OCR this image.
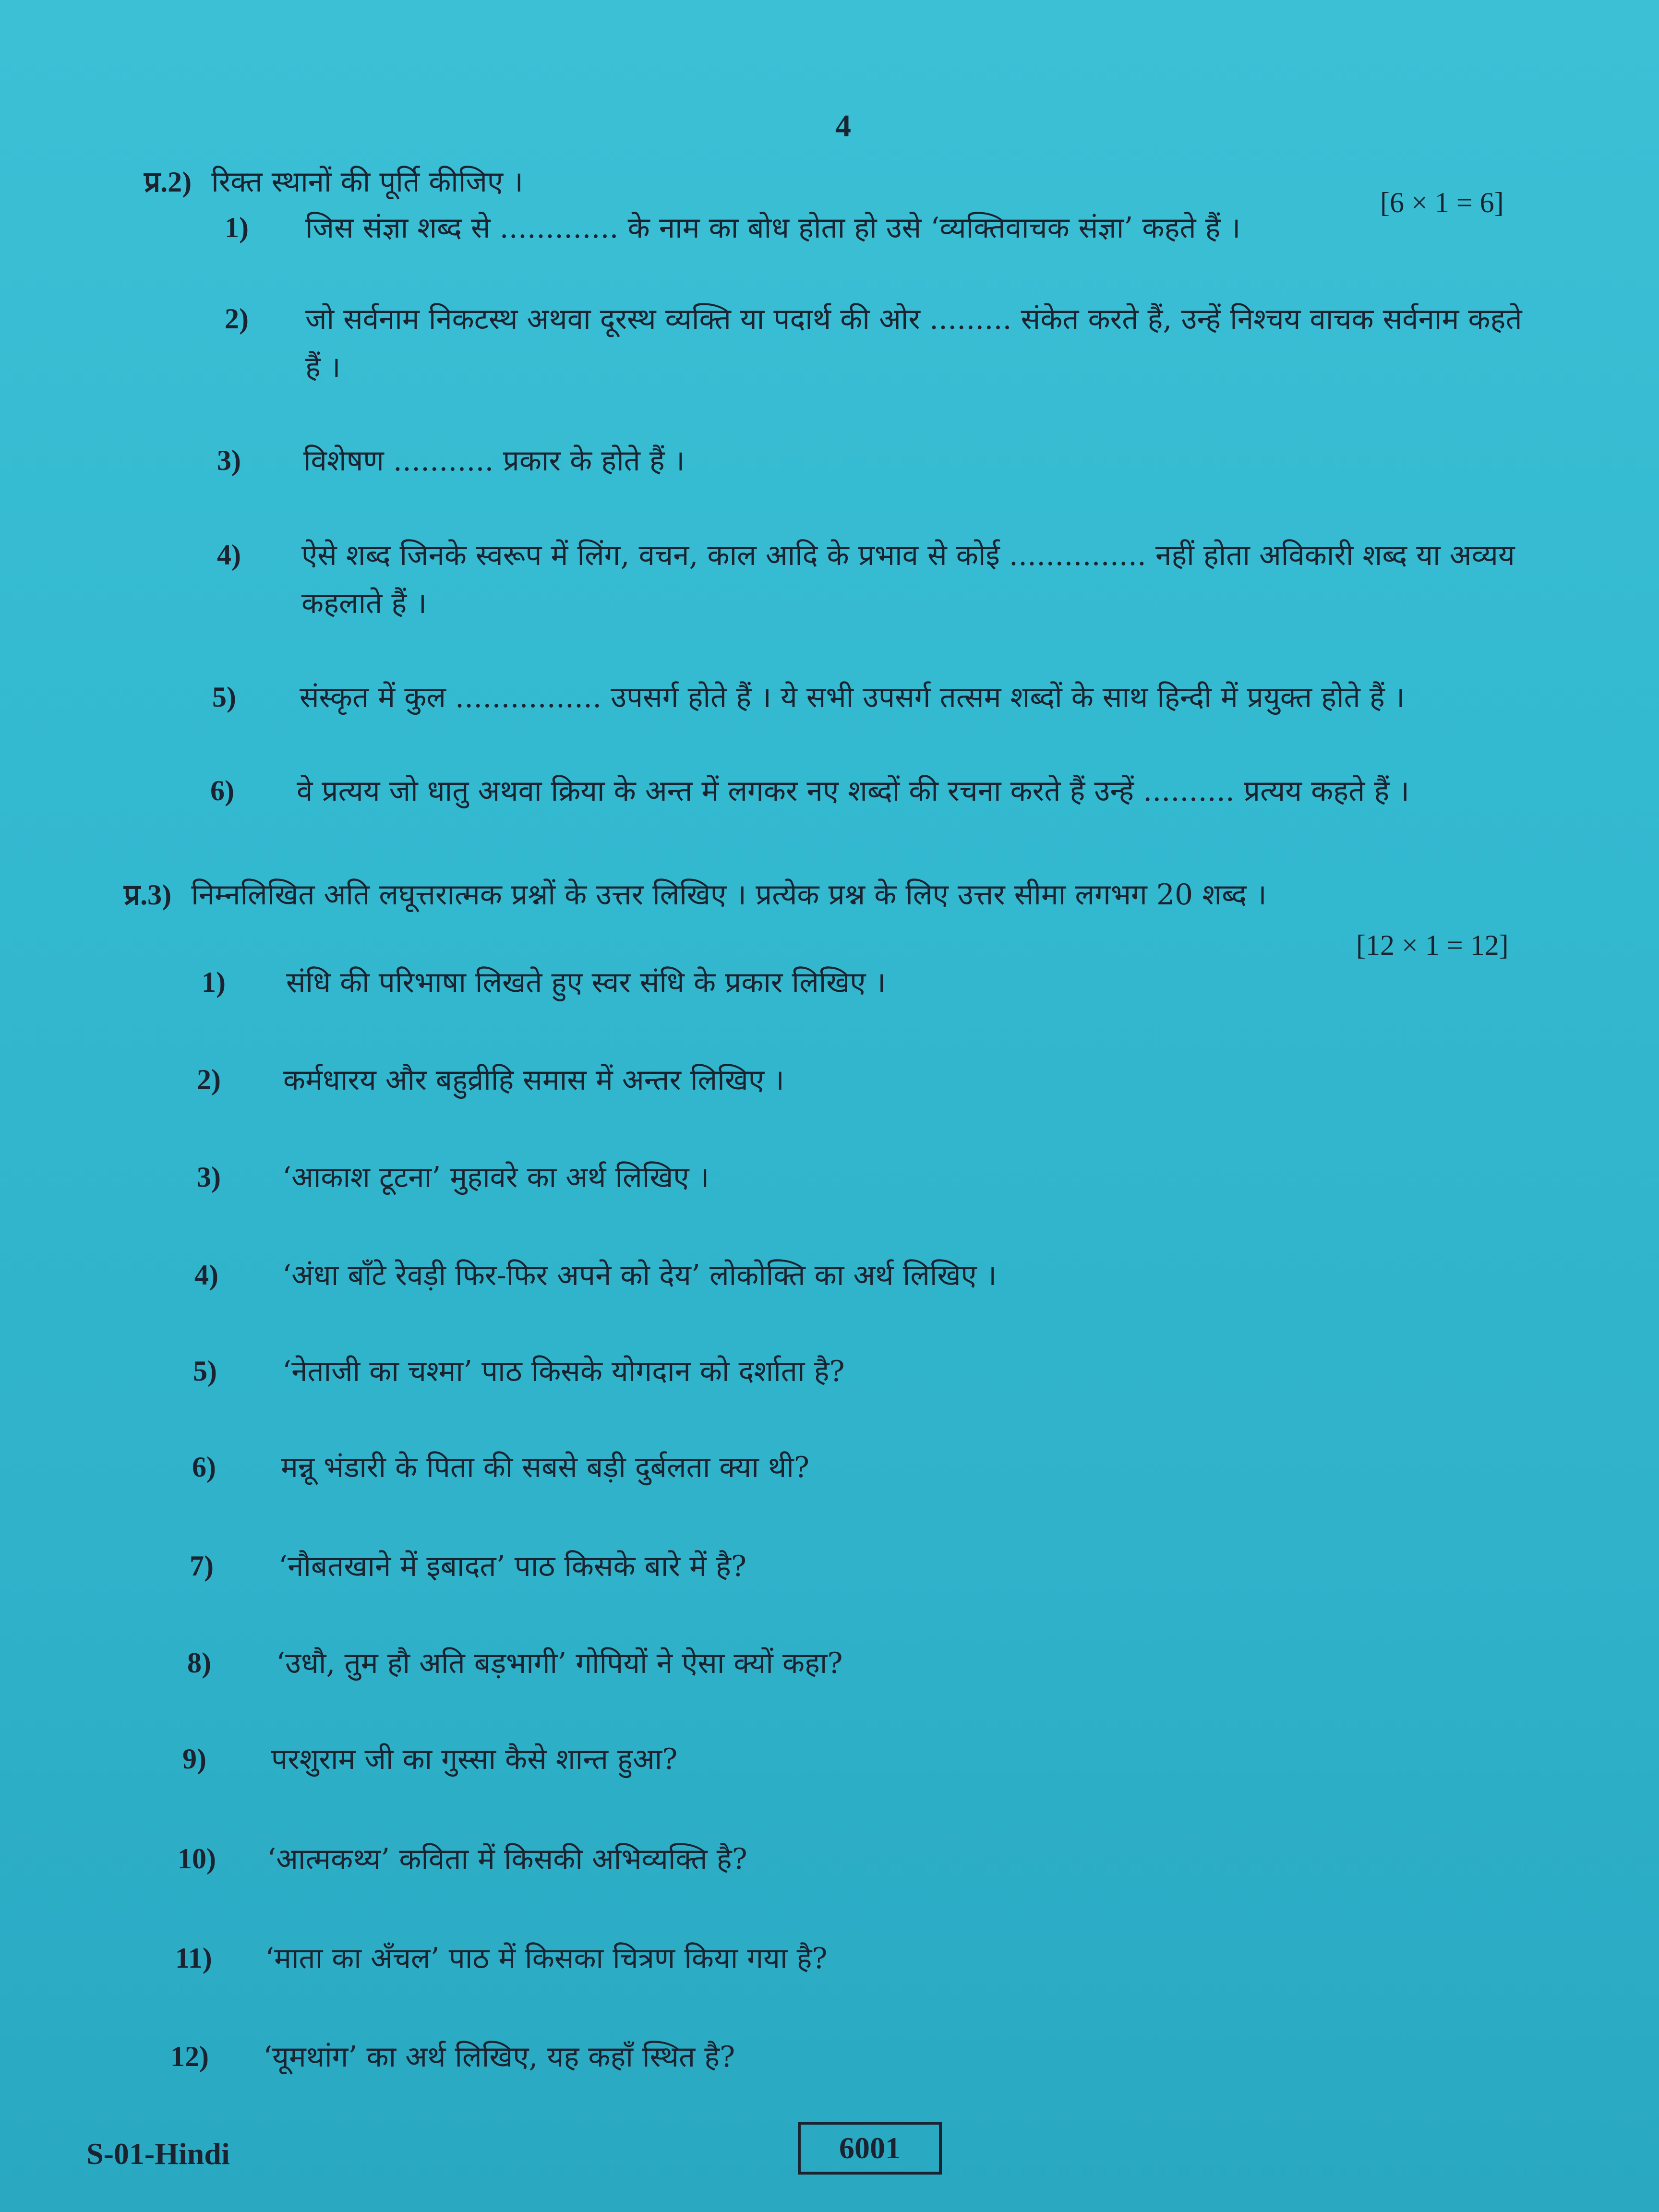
4
प्र.2) रिक्त स्थानों की पूर्ति कीजिए ।
[6 × 1 = 6]
1) जिस संज्ञा शब्द से ............. के नाम का बोध होता हो उसे ‘व्यक्तिवाचक संज्ञा’ कहते हैं ।
2) जो सर्वनाम निकटस्थ अथवा दूरस्थ व्यक्ति या पदार्थ की ओर ......... संकेत करते हैं, उन्हें निश्चय वाचक सर्वनाम कहते हैं ।
3) विशेषण ........... प्रकार के होते हैं ।
4) ऐसे शब्द जिनके स्वरूप में लिंग, वचन, काल आदि के प्रभाव से कोई ............... नहीं होता अविकारी शब्द या अव्यय कहलाते हैं ।
5) संस्कृत में कुल ................ उपसर्ग होते हैं । ये सभी उपसर्ग तत्सम शब्दों के साथ हिन्दी में प्रयुक्त होते हैं ।
6) वे प्रत्यय जो धातु अथवा क्रिया के अन्त में लगकर नए शब्दों की रचना करते हैं उन्हें .......... प्रत्यय कहते हैं ।
प्र.3) निम्नलिखित अति लघूत्तरात्मक प्रश्नों के उत्तर लिखिए । प्रत्येक प्रश्न के लिए उत्तर सीमा लगभग 20 शब्द ।
[12 × 1 = 12]
1) संधि की परिभाषा लिखते हुए स्वर संधि के प्रकार लिखिए ।
2) कर्मधारय और बहुव्रीहि समास में अन्तर लिखिए ।
3) ‘आकाश टूटना’ मुहावरे का अर्थ लिखिए ।
4) ‘अंधा बाँटे रेवड़ी फिर-फिर अपने को देय’ लोकोक्ति का अर्थ लिखिए ।
5) ‘नेताजी का चश्मा’ पाठ किसके योगदान को दर्शाता है?
6) मन्नू भंडारी के पिता की सबसे बड़ी दुर्बलता क्या थी?
7) ‘नौबतखाने में इबादत’ पाठ किसके बारे में है?
8) ‘उधौ, तुम हौ अति बड़भागी’ गोपियों ने ऐसा क्यों कहा?
9) परशुराम जी का गुस्सा कैसे शान्त हुआ?
10) ‘आत्मकथ्य’ कविता में किसकी अभिव्यक्ति है?
11) ‘माता का अँचल’ पाठ में किसका चित्रण किया गया है?
12) ‘यूमथांग’ का अर्थ लिखिए, यह कहाँ स्थित है?
S-01-Hindi	6001
